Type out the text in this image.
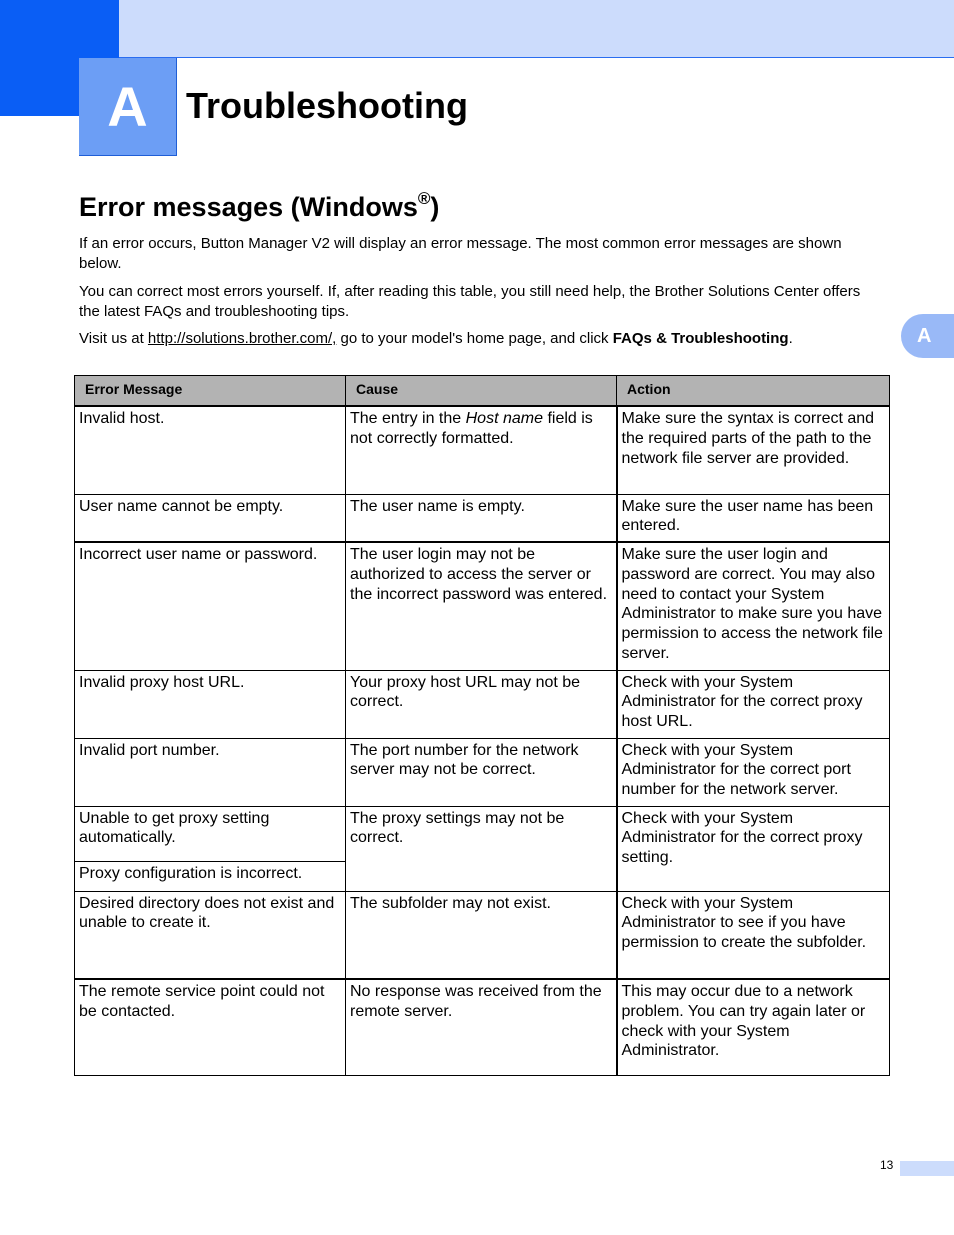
A Troubleshooting
Error messages (Windows®)

If an error occurs, Button Manager V2 will display an error message. The most common error messages are shown below.

You can correct most errors yourself. If, after reading this table, you still need help, the Brother Solutions Center offers the latest FAQs and troubleshooting tips.

Visit us at http://solutions.brother.com/, go to your model's home page, and click FAQs & Troubleshooting.	A
Error Message	Cause	Action
Invalid host.	The entry in the Host name field is not correctly formatted.	Make sure the syntax is correct and the required parts of the path to the network file server are provided.
User name cannot be empty.	The user name is empty.	Make sure the user name has been entered.
Incorrect user name or password.	The user login may not be authorized to access the server or the incorrect password was entered.	Make sure the user login and password are correct. You may also need to contact your System Administrator to make sure you have permission to access the network file server.
Invalid proxy host URL.	Your proxy host URL may not be correct.	Check with your System Administrator for the correct proxy host URL.
Invalid port number.	The port number for the network server may not be correct.	Check with your System Administrator for the correct port number for the network server.
Unable to get proxy setting automatically.	The proxy settings may not be correct.	Check with your System Administrator for the correct proxy setting.
Proxy configuration is incorrect.		
Desired directory does not exist and unable to create it.	The subfolder may not exist.	Check with your System Administrator to see if you have permission to create the subfolder.
The remote service point could not be contacted.	No response was received from the remote server.	This may occur due to a network problem. You can try again later or check with your System Administrator.
13
